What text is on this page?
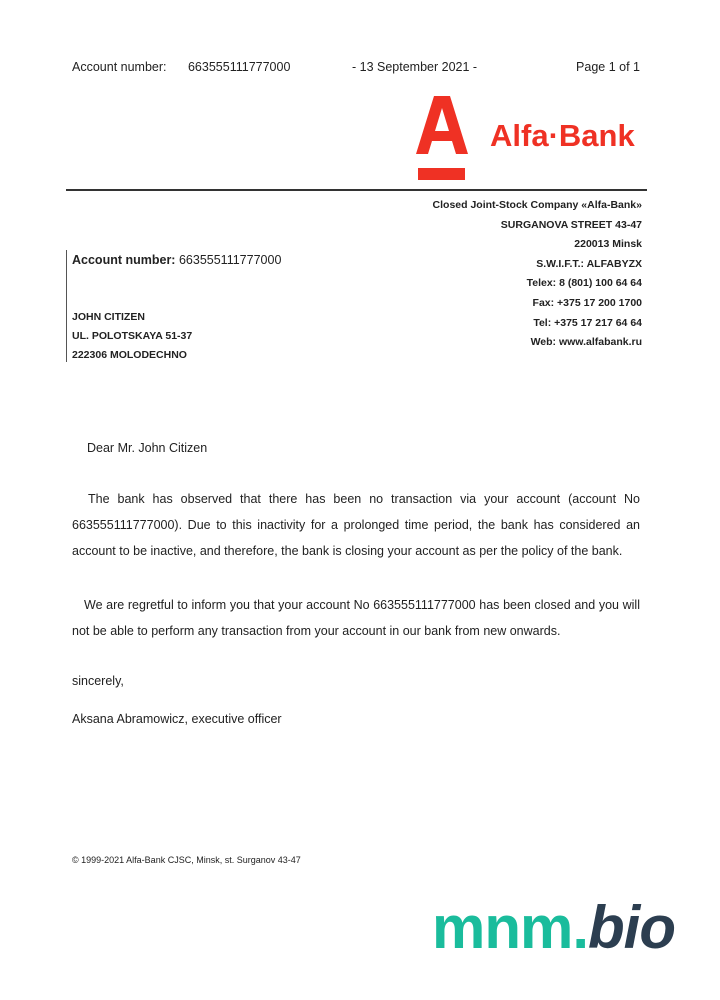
Account number: 663555111777000	- 13 September 2021 -	Page 1 of 1
Alfa·Bank
Closed Joint-Stock Company «Alfa-Bank»
SURGANOVA STREET 43-47
220013 Minsk
S.W.I.F.T.: ALFABYZX
Telex: 8 (801) 100 64 64
Fax: +375 17 200 1700
Tel: +375 17 217 64 64
Web: www.alfabank.ru
Account number: 663555111777000
JOHN CITIZEN
UL. POLOTSKAYA 51-37
222306 MOLODECHNO
Dear Mr. John Citizen
The bank has observed that there has been no transaction via your account (account No 663555111777000). Due to this inactivity for a prolonged time period, the bank has considered an account to be inactive, and therefore, the bank is closing your account as per the policy of the bank.
We are regretful to inform you that your account No 663555111777000 has been closed and you will not be able to perform any transaction from your account in our bank from new onwards.
sincerely,
Aksana Abramowicz, executive officer
© 1999-2021 Alfa-Bank CJSC, Minsk, st. Surganov 43-47
mnm.bio
